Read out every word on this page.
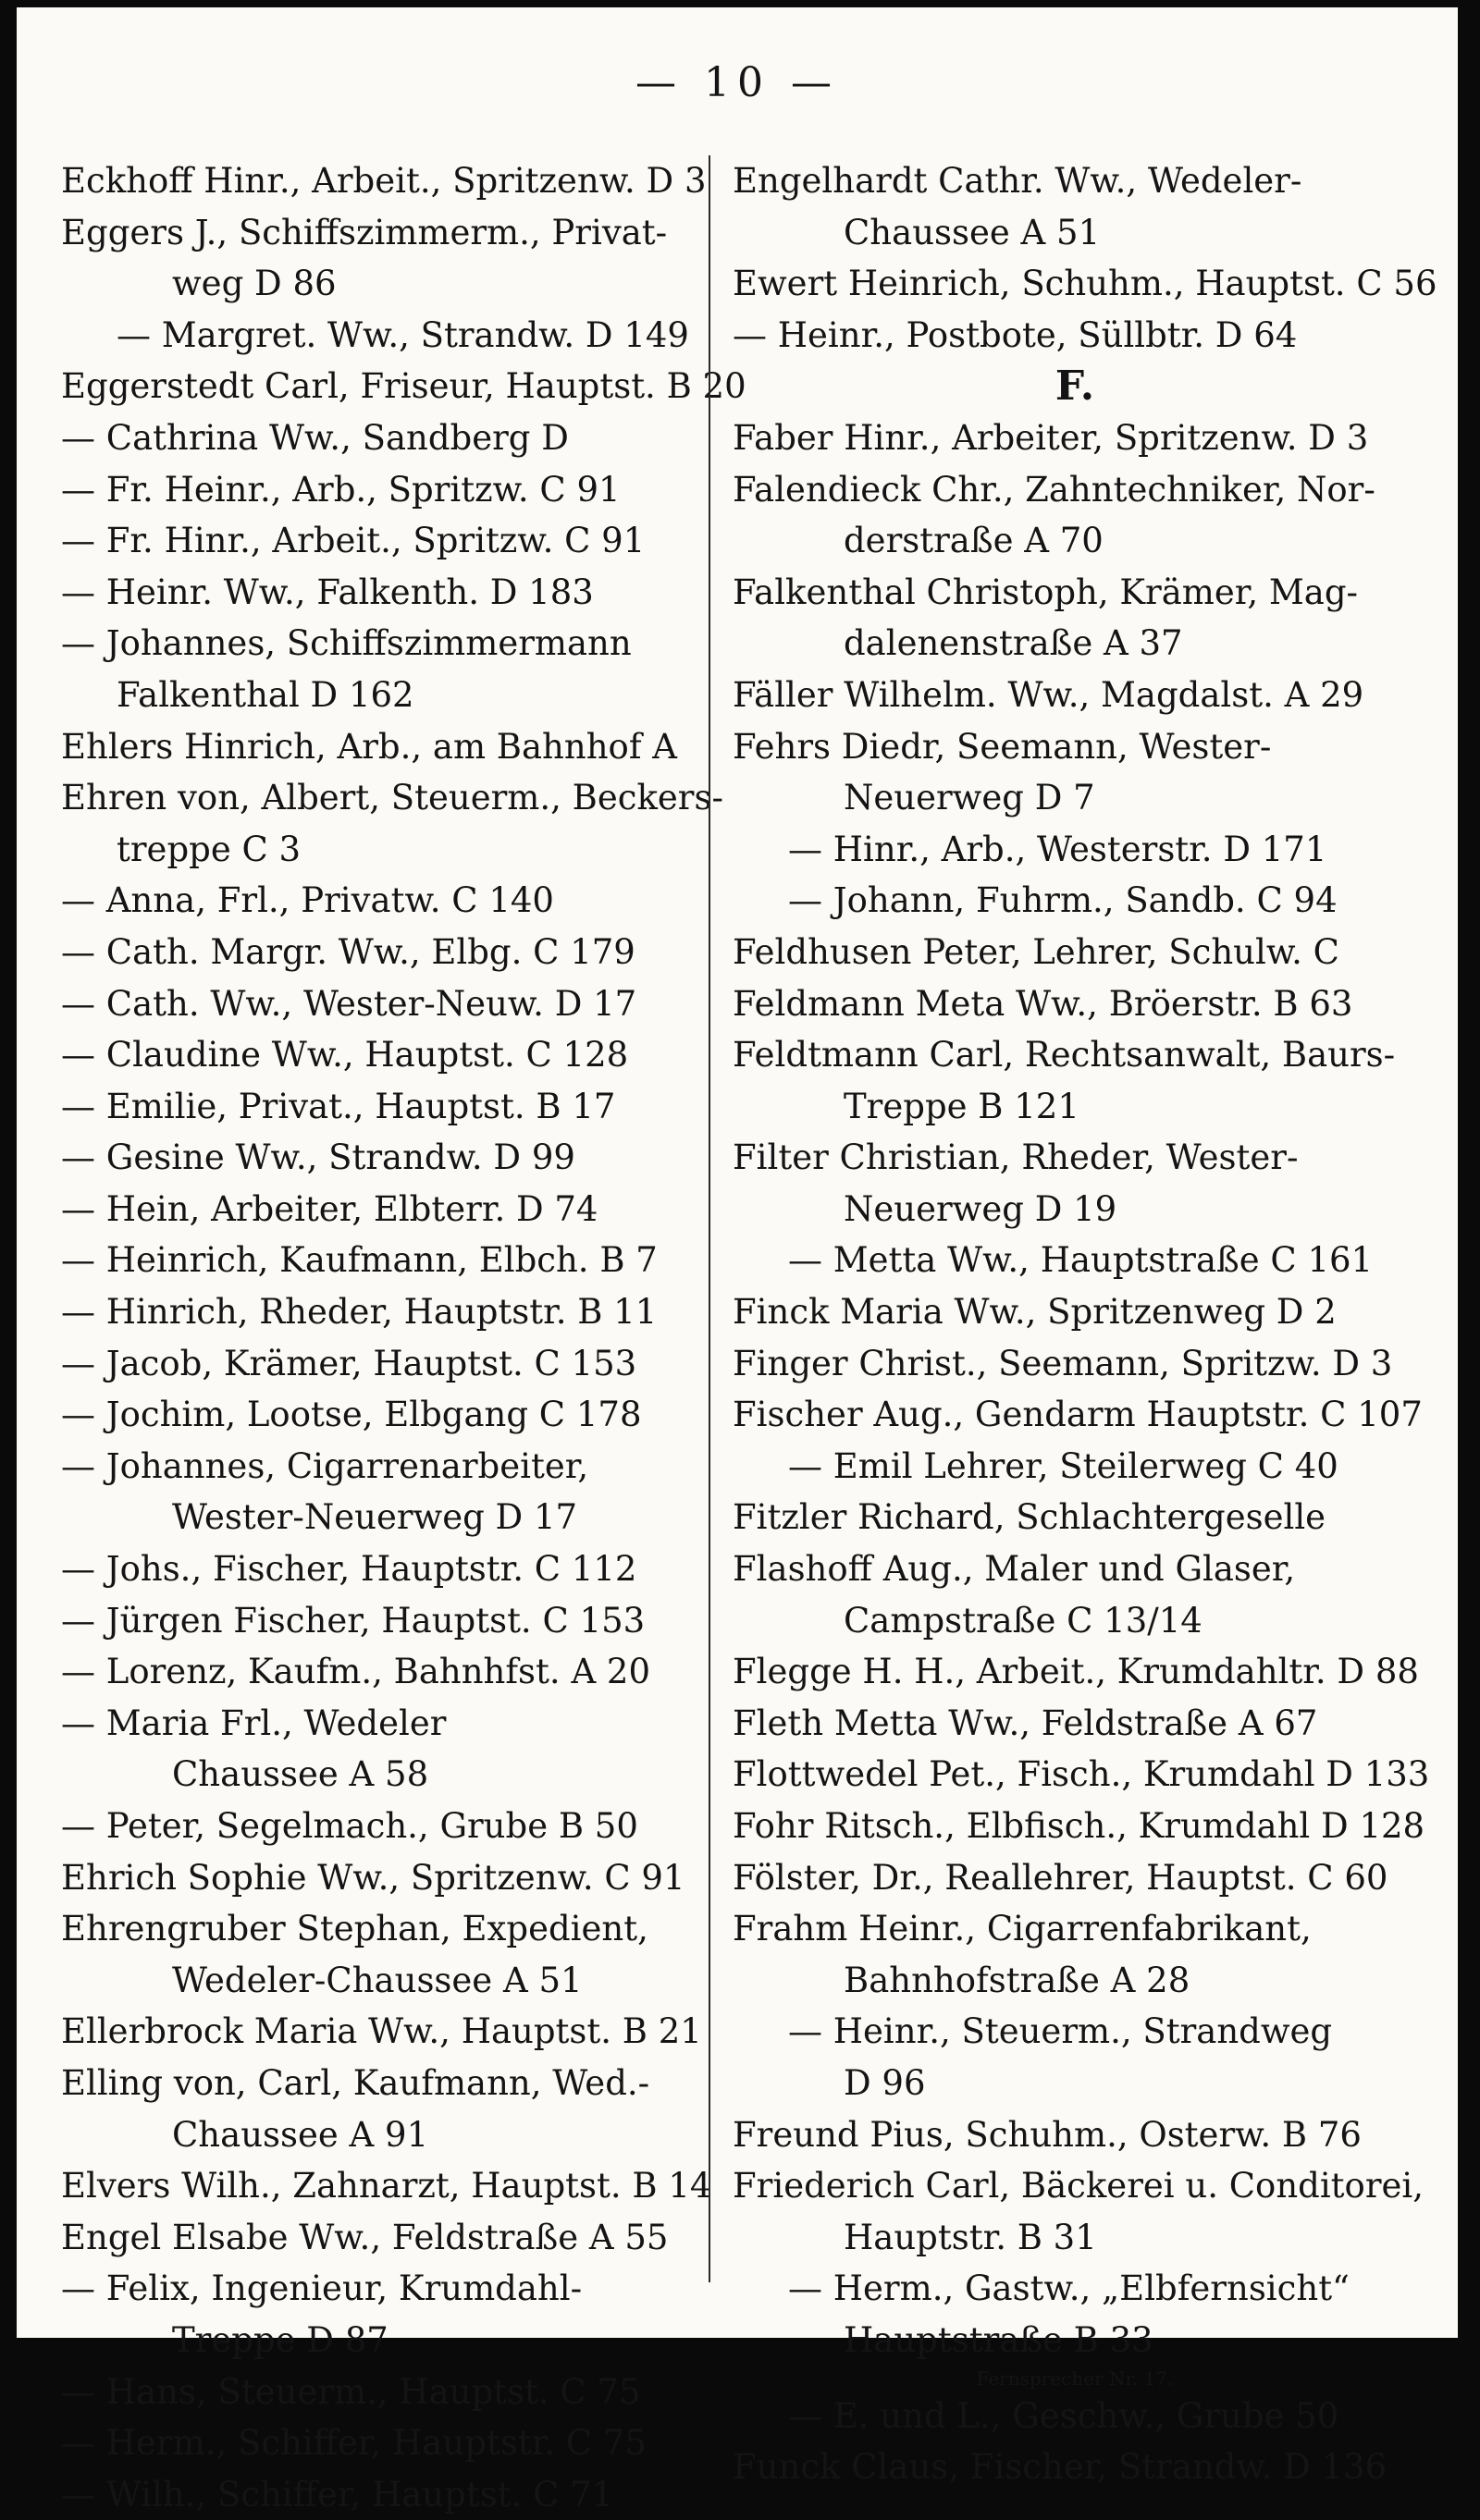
— 10 —
Eckhoff Hinr., Arbeit., Spritzenw. D 3
Eggers J., Schiffszimmerm., Privat-
weg D 86
— Margret. Ww., Strandw. D 149
Eggerstedt Carl, Friseur, Hauptst. B 20
— Cathrina Ww., Sandberg D
— Fr. Heinr., Arb., Spritzw. C 91
— Fr. Hinr., Arbeit., Spritzw. C 91
— Heinr. Ww., Falkenth. D 183
— Johannes, Schiffszimmermann
Falkenthal D 162
Ehlers Hinrich, Arb., am Bahnhof A
Ehren von, Albert, Steuerm., Beckers-
treppe C 3
— Anna, Frl., Privatw. C 140
— Cath. Margr. Ww., Elbg. C 179
— Cath. Ww., Wester-Neuw. D 17
— Claudine Ww., Hauptst. C 128
— Emilie, Privat., Hauptst. B 17
— Gesine Ww., Strandw. D 99
— Hein, Arbeiter, Elbterr. D 74
— Heinrich, Kaufmann, Elbch. B 7
— Hinrich, Rheder, Hauptstr. B 11
— Jacob, Krämer, Hauptst. C 153
— Jochim, Lootse, Elbgang C 178
— Johannes, Cigarrenarbeiter,
Wester-Neuerweg D 17
— Johs., Fischer, Hauptstr. C 112
— Jürgen Fischer, Hauptst. C 153
— Lorenz, Kaufm., Bahnhfst. A 20
— Maria Frl., Wedeler
Chaussee A 58
— Peter, Segelmach., Grube B 50
Ehrich Sophie Ww., Spritzenw. C 91
Ehrengruber Stephan, Expedient,
Wedeler-Chaussee A 51
Ellerbrock Maria Ww., Hauptst. B 21
Elling von, Carl, Kaufmann, Wed.-
Chaussee A 91
Elvers Wilh., Zahnarzt, Hauptst. B 14
Engel Elsabe Ww., Feldstraße A 55
— Felix, Ingenieur, Krumdahl-
Treppe D 87
— Hans, Steuerm., Hauptst. C 75
— Herm., Schiffer, Hauptstr. C 75
— Wilh., Schiffer, Hauptst. C 71
Engelhardt Cathr. Ww., Wedeler-
Chaussee A 51
Ewert Heinrich, Schuhm., Hauptst. C 56
— Heinr., Postbote, Süllbtr. D 64
F.
Faber Hinr., Arbeiter, Spritzenw. D 3
Falendieck Chr., Zahntechniker, Nor-
derstraße A 70
Falkenthal Christoph, Krämer, Mag-
dalenenstraße A 37
Fäller Wilhelm. Ww., Magdalst. A 29
Fehrs Diedr, Seemann, Wester-
Neuerweg D 7
— Hinr., Arb., Westerstr. D 171
— Johann, Fuhrm., Sandb. C 94
Feldhusen Peter, Lehrer, Schulw. C
Feldmann Meta Ww., Bröerstr. B 63
Feldtmann Carl, Rechtsanwalt, Baurs-
Treppe B 121
Filter Christian, Rheder, Wester-
Neuerweg D 19
— Metta Ww., Hauptstraße C 161
Finck Maria Ww., Spritzenweg D 2
Finger Christ., Seemann, Spritzw. D 3
Fischer Aug., Gendarm Hauptstr. C 107
— Emil Lehrer, Steilerweg C 40
Fitzler Richard, Schlachtergeselle
Flashoff Aug., Maler und Glaser,
Campstraße C 13/14
Flegge H. H., Arbeit., Krumdahltr. D 88
Fleth Metta Ww., Feldstraße A 67
Flottwedel Pet., Fisch., Krumdahl D 133
Fohr Ritsch., Elbfisch., Krumdahl D 128
Fölster, Dr., Reallehrer, Hauptst. C 60
Frahm Heinr., Cigarrenfabrikant,
Bahnhofstraße A 28
— Heinr., Steuerm., Strandweg
D 96
Freund Pius, Schuhm., Osterw. B 76
Friederich Carl, Bäckerei u. Conditorei,
Hauptstr. B 31
— Herm., Gastw., „Elbfernsicht“
Hauptstraße B 33
Fernsprecher Nr. 17.
— E. und L., Geschw., Grube 50
Funck Claus, Fischer, Strandw. D 136
